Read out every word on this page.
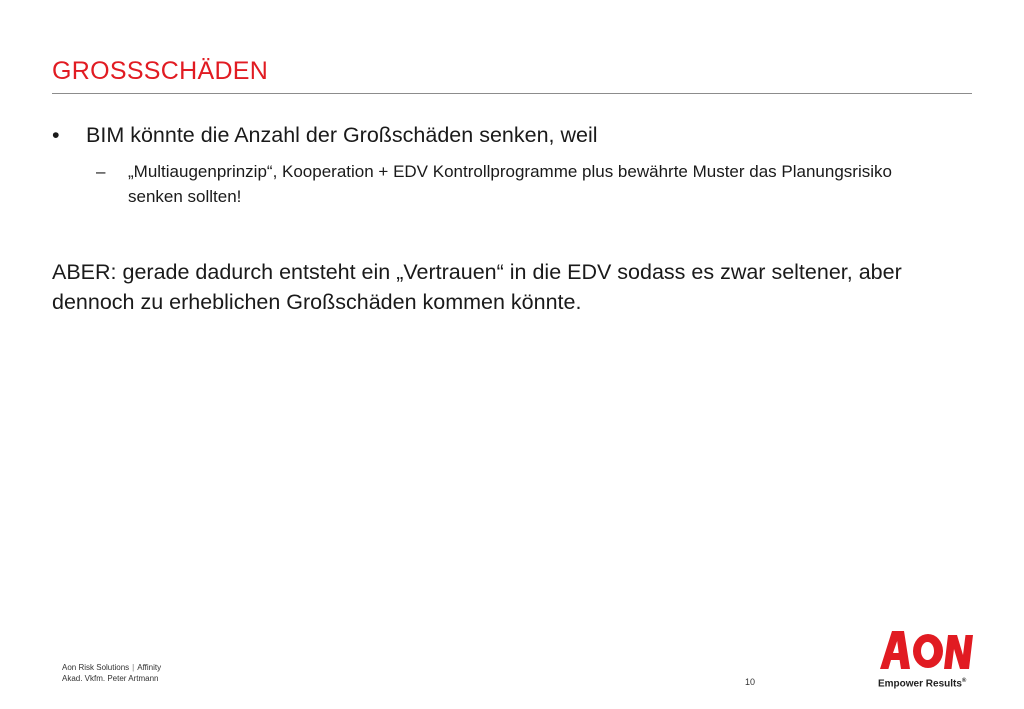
GROSSSCHÄDEN
• BIM könnte die Anzahl der Großschäden senken, weil
–	„Multiaugenprinzip“, Kooperation + EDV Kontrollprogramme plus bewährte Muster das Planungsrisiko senken sollten!

ABER: gerade dadurch entsteht ein „Vertrauen“ in die EDV sodass es zwar seltener, aber dennoch zu erheblichen Großschäden kommen könnte.

Aon Risk Solutions | Affinity
Akad. Vkfm. Peter Artmann	10	Empower Results®
